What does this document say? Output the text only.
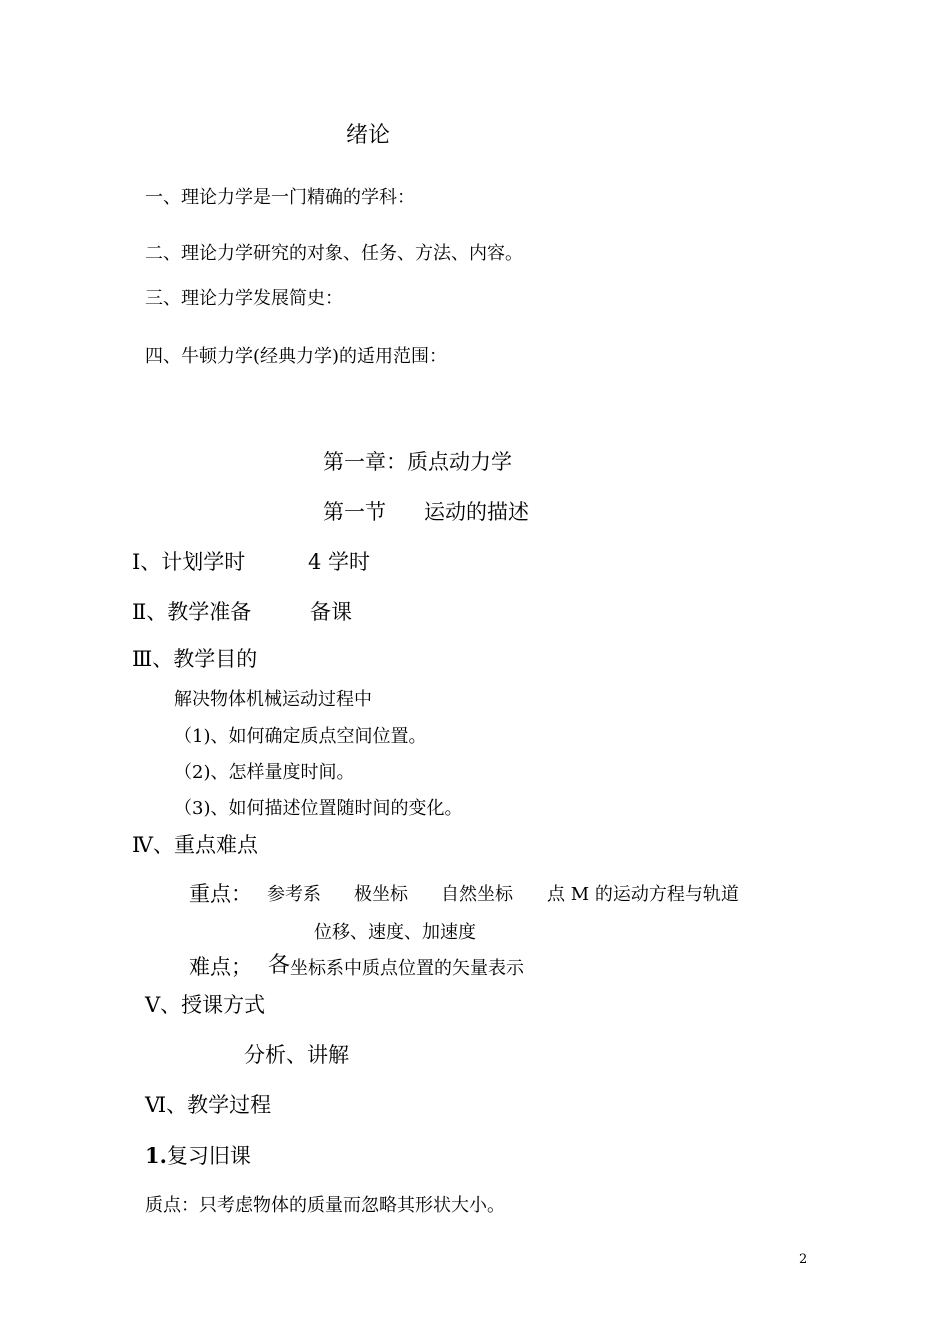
绪论
一、理论力学是一门精确的学科：
二、理论力学研究的对象、任务、方法、内容。
三、理论力学发展简史：
四、牛顿力学(经典力学)的适用范围：
第一章：质点动力学
第一节 运动的描述
Ⅰ、计划学时	4 学时
Ⅱ、教学准备	备课
Ⅲ、教学目的
解决物体机械运动过程中
（1)、如何确定质点空间位置。
（2)、怎样量度时间。
（3)、如何描述位置随时间的变化。
Ⅳ、重点难点
重点： 参考系 极坐标 自然坐标 点 M 的运动方程与轨道
位移、速度、加速度
难点； 各 坐标系中质点位置的矢量表示
Ⅴ、授课方式
分析、讲解
Ⅵ、教学过程
1.复习旧课
质点：只考虑物体的质量而忽略其形状大小。
2
